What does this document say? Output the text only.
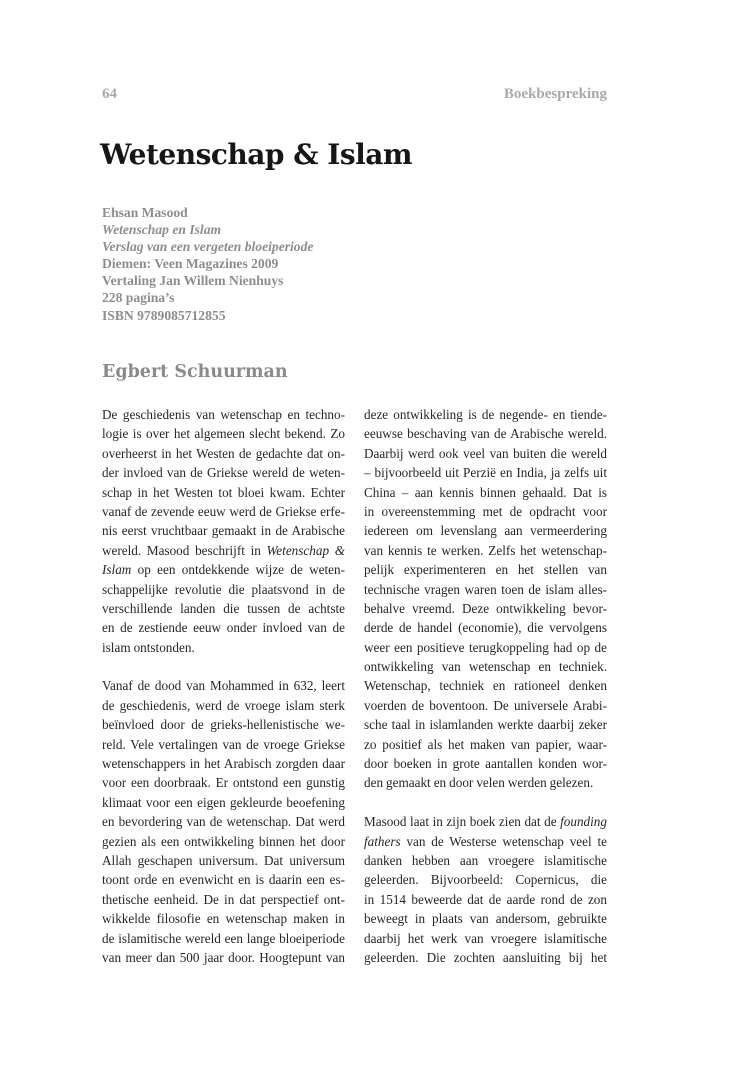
64	Boekbespreking
Wetenschap & Islam
Ehsan Masood
Wetenschap en Islam
Verslag van een vergeten bloeiperiode
Diemen: Veen Magazines 2009
Vertaling Jan Willem Nienhuys
228 pagina’s
ISBN 9789085712855
Egbert Schuurman
De geschiedenis van wetenschap en techno-
logie is over het algemeen slecht bekend. Zo
overheerst in het Westen de gedachte dat on-
der invloed van de Griekse wereld de weten-
schap in het Westen tot bloei kwam. Echter
vanaf de zevende eeuw werd de Griekse erfe-
nis eerst vruchtbaar gemaakt in de Arabische
wereld. Masood beschrijft in Wetenschap &
Islam op een ontdekkende wijze de weten-
schappelijke revolutie die plaatsvond in de
verschillende landen die tussen de achtste
en de zestiende eeuw onder invloed van de
islam ontstonden.
Vanaf de dood van Mohammed in 632, leert
de geschiedenis, werd de vroege islam sterk
beïnvloed door de grieks-hellenistische we-
reld. Vele vertalingen van de vroege Griekse
wetenschappers in het Arabisch zorgden daar
voor een doorbraak. Er ontstond een gunstig
klimaat voor een eigen gekleurde beoefening
en bevordering van de wetenschap. Dat werd
gezien als een ontwikkeling binnen het door
Allah geschapen universum. Dat universum
toont orde en evenwicht en is daarin een es-
thetische eenheid. De in dat perspectief ont-
wikkelde filosofie en wetenschap maken in
de islamitische wereld een lange bloeiperiode
van meer dan 500 jaar door. Hoogtepunt van
deze ontwikkeling is de negende- en tiende-
eeuwse beschaving van de Arabische wereld.
Daarbij werd ook veel van buiten die wereld
– bijvoorbeeld uit Perzië en India, ja zelfs uit
China – aan kennis binnen gehaald. Dat is
in overeenstemming met de opdracht voor
iedereen om levenslang aan vermeerdering
van kennis te werken. Zelfs het wetenschap-
pelijk experimenteren en het stellen van
technische vragen waren toen de islam alles-
behalve vreemd. Deze ontwikkeling bevor-
derde de handel (economie), die vervolgens
weer een positieve terugkoppeling had op de
ontwikkeling van wetenschap en techniek.
Wetenschap, techniek en rationeel denken
voerden de boventoon. De universele Arabi-
sche taal in islamlanden werkte daarbij zeker
zo positief als het maken van papier, waar-
door boeken in grote aantallen konden wor-
den gemaakt en door velen werden gelezen.
Masood laat in zijn boek zien dat de founding
fathers van de Westerse wetenschap veel te
danken hebben aan vroegere islamitische
geleerden. Bijvoorbeeld: Copernicus, die
in 1514 beweerde dat de aarde rond de zon
beweegt in plaats van andersom, gebruikte
daarbij het werk van vroegere islamitische
geleerden. Die zochten aansluiting bij het
